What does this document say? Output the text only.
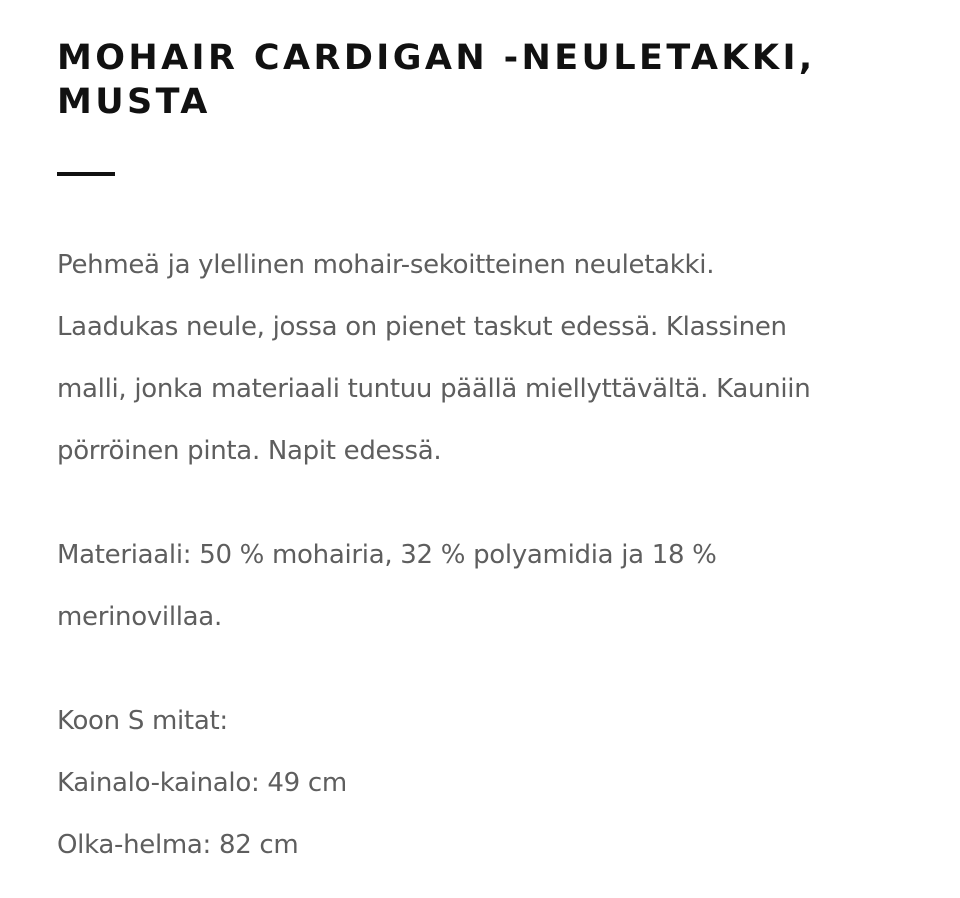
MOHAIR CARDIGAN -NEULETAKKI,
MUSTA
Pehmeä ja ylellinen mohair-sekoitteinen neuletakki.
Laadukas neule, jossa on pienet taskut edessä. Klassinen
malli, jonka materiaali tuntuu päällä miellyttävältä. Kauniin
pörröinen pinta. Napit edessä.
Materiaali: 50 % mohairia, 32 % polyamidia ja 18 %
merinovillaa.
Koon S mitat:
Kainalo-kainalo: 49 cm
Olka-helma: 82 cm
